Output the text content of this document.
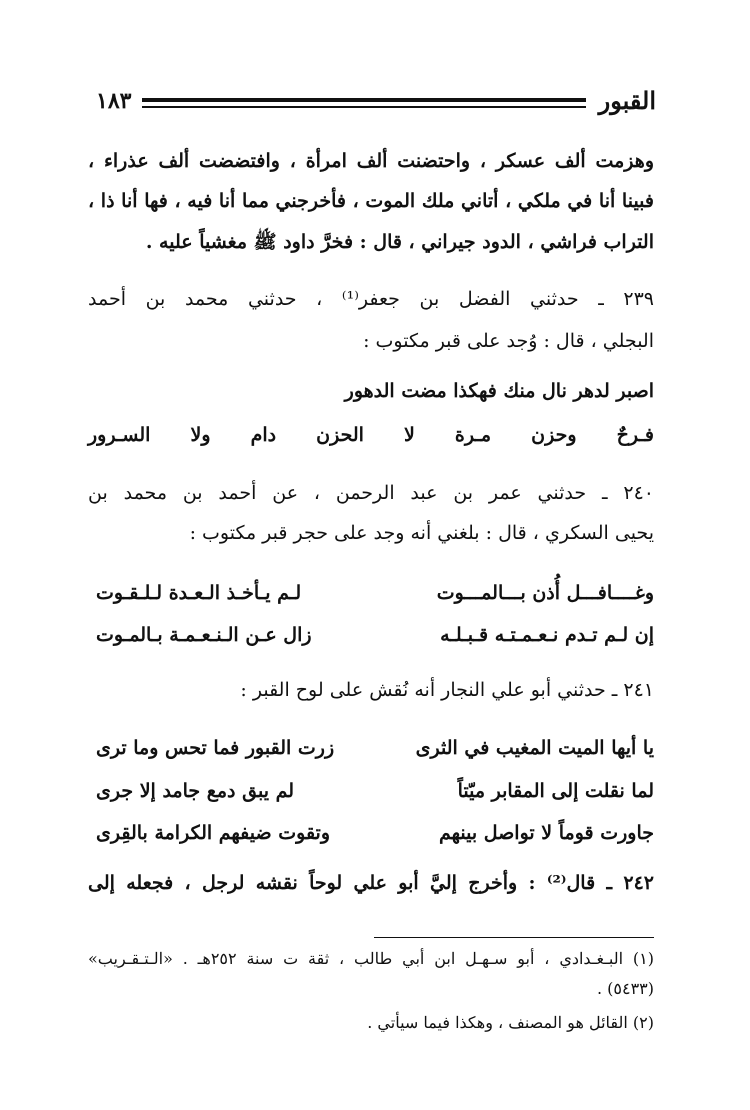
١٨٣	القبور
وهزمت ألف عسكر ، واحتضنت ألف امرأة ، وافتضضت ألف عذراء ،
فبينا أنا في ملكي ، أتاني ملك الموت ، فأخرجني مما أنا فيه ، فها أنا ذا ،
التراب فراشي ، الدود جيراني ، قال : فخرَّ داود ﷺ مغشياً عليه .
٢٣٩ ـ حدثني الفضل بن جعفر⁽¹⁾ ، حدثني محمد بن أحمد
البجلي ، قال : وُجد على قبر مكتوب :
اصبر لدهر نال منك فهكذا مضت الدهور
فـرحٌ وحزن مـرة لا الحزن دام ولا السـرور
٢٤٠ ـ حدثني عمر بن عبد الرحمن ، عن أحمد بن محمد بن
يحيى السكري ، قال : بلغني أنه وجد على حجر قبر مكتوب :
وغــــافـــل أُذن بـــالمـــوت
لـم يـأخـذ الـعـدة لـلـقـوت
إن لـم تـدم نـعـمـتـه قـبـلـه
زال عـن الـنـعـمـة بـالمـوت
٢٤١ ـ حدثني أبو علي النجار أنه نُقش على لوح القبر :
يا أيها الميت المغيب في الثرى
زرت القبور فما تحس وما ترى
لما نقلت إلى المقابر ميّتاً
لم يبق دمع جامد إلا جرى
جاورت قوماً لا تواصل بينهم
وتقوت ضيفهم الكرامة بالقِرى
٢٤٢ ـ قال⁽²⁾ : وأخرج إليَّ أبو علي لوحاً نقشه لرجل ، فجعله إلى
(١) البـغـدادي ، أبو سـهـل ابن أبي طالب ، ثقة ت سنة ٢٥٢هـ . «الـتـقـريب»
(٥٤٣٣) .
(٢) القائل هو المصنف ، وهكذا فيما سيأتي .
